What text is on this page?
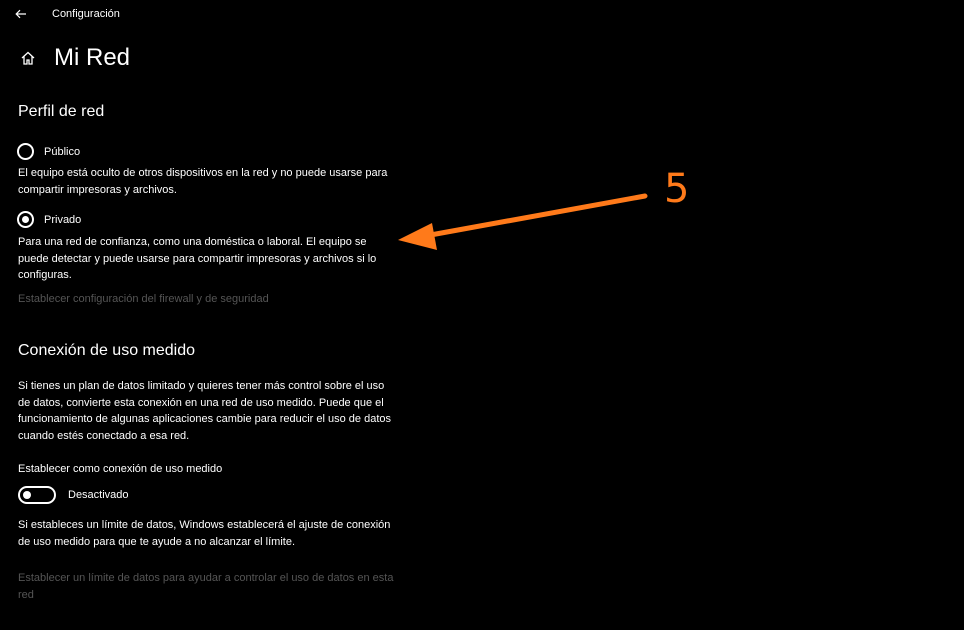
Configuración
Mi Red
Perfil de red
Público
El equipo está oculto de otros dispositivos en la red y no puede usarse para compartir impresoras y archivos.
Privado
Para una red de confianza, como una doméstica o laboral. El equipo se puede detectar y puede usarse para compartir impresoras y archivos si lo configuras.
Establecer configuración del firewall y de seguridad
Conexión de uso medido
Si tienes un plan de datos limitado y quieres tener más control sobre el uso de datos, convierte esta conexión en una red de uso medido. Puede que el funcionamiento de algunas aplicaciones cambie para reducir el uso de datos cuando estés conectado a esa red.
Establecer como conexión de uso medido
Desactivado
Si estableces un límite de datos, Windows establecerá el ajuste de conexión de uso medido para que te ayude a no alcanzar el límite.
Establecer un límite de datos para ayudar a controlar el uso de datos en esta red
5
